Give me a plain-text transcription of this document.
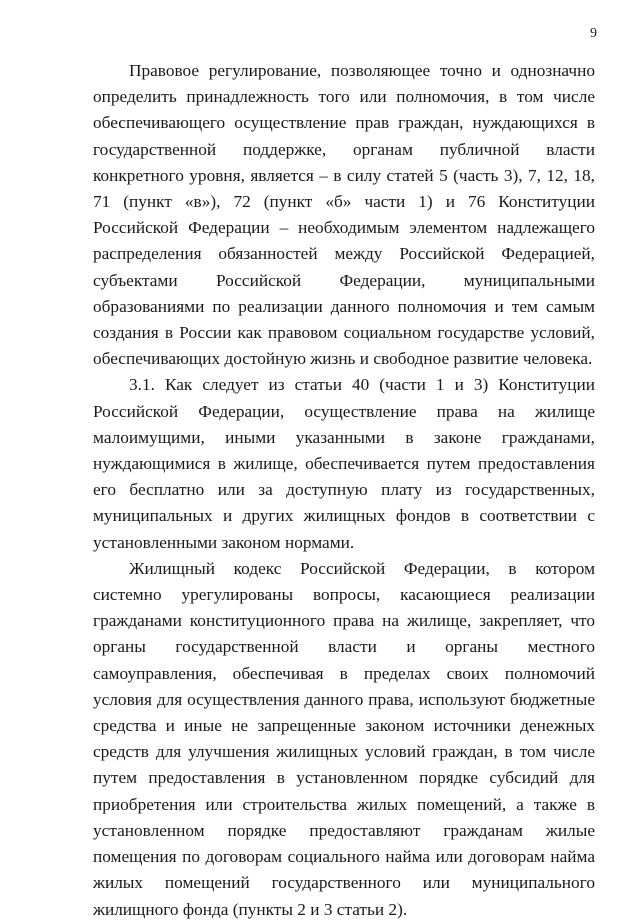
9

Правовое регулирование, позволяющее точно и однозначно определить принадлежность того или полномочия, в том числе обеспечивающего осуществление прав граждан, нуждающихся в государственной поддержке, органам публичной власти конкретного уровня, является – в силу статей 5 (часть 3), 7, 12, 18, 71 (пункт «в»), 72 (пункт «б» части 1) и 76 Конституции Российской Федерации – необходимым элементом надлежащего распределения обязанностей между Российской Федерацией, субъектами Российской Федерации, муниципальными образованиями по реализации данного полномочия и тем самым создания в России как правовом социальном государстве условий, обеспечивающих достойную жизнь и свободное развитие человека.

3.1. Как следует из статьи 40 (части 1 и 3) Конституции Российской Федерации, осуществление права на жилище малоимущими, иными указанными в законе гражданами, нуждающимися в жилище, обеспечивается путем предоставления его бесплатно или за доступную плату из государственных, муниципальных и других жилищных фондов в соответствии с установленными законом нормами.

Жилищный кодекс Российской Федерации, в котором системно урегулированы вопросы, касающиеся реализации гражданами конституционного права на жилище, закрепляет, что органы государственной власти и органы местного самоуправления, обеспечивая в пределах своих полномочий условия для осуществления данного права, используют бюджетные средства и иные не запрещенные законом источники денежных средств для улучшения жилищных условий граждан, в том числе путем предоставления в установленном порядке субсидий для приобретения или строительства жилых помещений, а также в установленном порядке предоставляют гражданам жилые помещения по договорам социального найма или договорам найма жилых помещений государственного или муниципального жилищного фонда (пункты 2 и 3 статьи 2).
